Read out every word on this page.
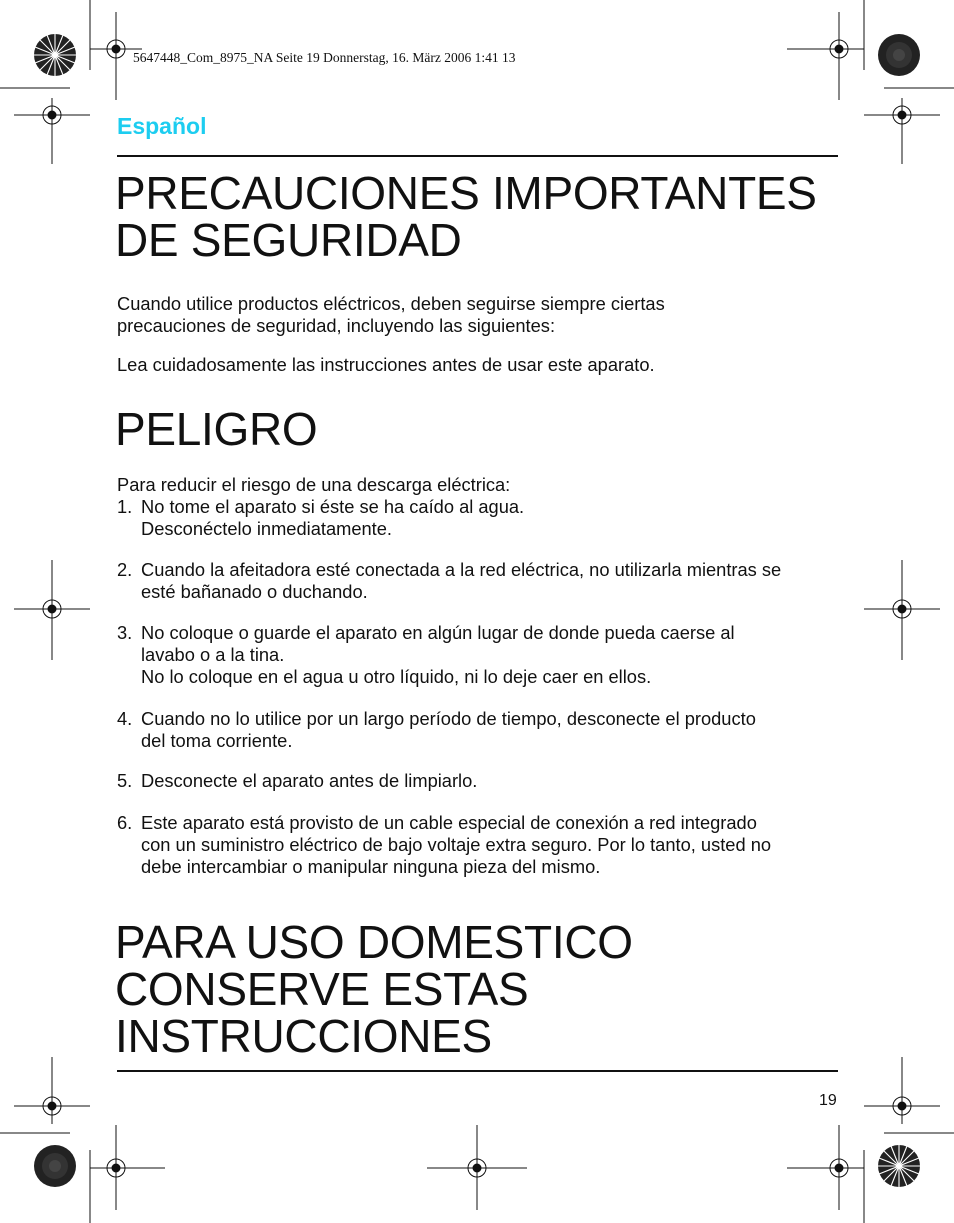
5647448_Com_8975_NA Seite 19 Donnerstag, 16. März 2006 1:41 13
Español
PRECAUCIONES IMPORTANTES
DE SEGURIDAD

Cuando utilice productos eléctricos, deben seguirse siempre ciertas
precauciones de seguridad, incluyendo las siguientes:

Lea cuidadosamente las instrucciones antes de usar este aparato.

PELIGRO

Para reducir el riesgo de una descarga eléctrica:

1. No tome el aparato si éste se ha caído al agua.
Desconéctelo inmediatamente.

2. Cuando la afeitadora esté conectada a la red eléctrica, no utilizarla mientras se
esté bañanado o duchando.

3. No coloque o guarde el aparato en algún lugar de donde pueda caerse al
lavabo o a la tina.
No lo coloque en el agua u otro líquido, ni lo deje caer en ellos.

4. Cuando no lo utilice por un largo período de tiempo, desconecte el producto
del toma corriente.

5. Desconecte el aparato antes de limpiarlo.

6. Este aparato está provisto de un cable especial de conexión a red integrado
con un suministro eléctrico de bajo voltaje extra seguro. Por lo tanto, usted no
debe intercambiar o manipular ninguna pieza del mismo.

PARA USO DOMESTICO
CONSERVE ESTAS
INSTRUCCIONES
19
